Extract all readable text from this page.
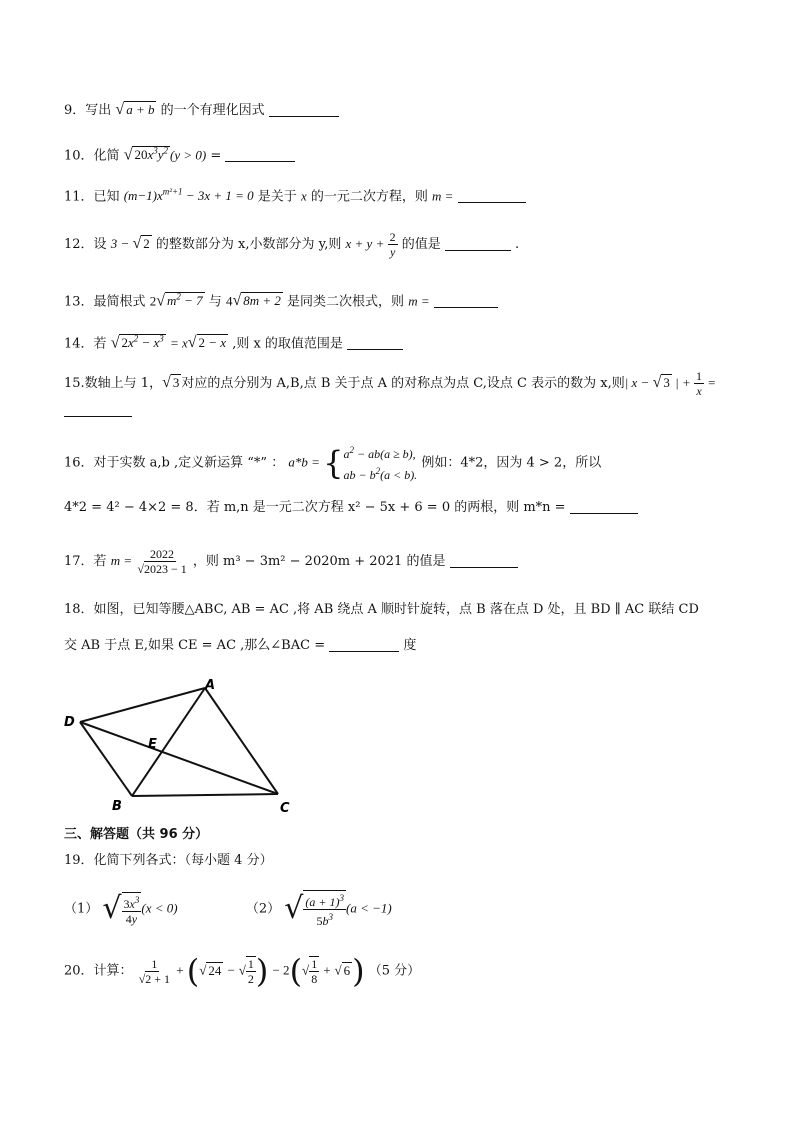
9．写出 √ a + b 的一个有理化因式
10．化简 √ $20x^3y^2$ (y > 0) =
11．已知 $(m-1)x^{m^2+1} - 3x + 1 = 0$ 是关于 x 的一元二次方程，则 m =
12．设 3 − √ 2 的整数部分为 x,小数部分为 y,则 $x + y + \frac{2}{y}$ 的值是	.
13．最简根式 2√ $m^2 - 7$ 与 4√ 8m + 2 是同类二次根式，则 m =
14．若 √ $2x^2 - x^3 = x√$ 2 − x ,则 x 的取值范围是
15.数轴上与 1，√ 3 对应的点分别为 A,B,点 B 关于点 A 的对称点为点 C,设点 C 表示的数为 x,则| x − √ 3 | + $\frac{1}{x}$ =
16．对于实数 a,b ,定义新运算 “*” ： a*b = { $a^2 - ab(a \ge b)$,
ab − $b^2(a < b)$.
例如：4*2，因为 4 > 2，所以
4*2 = 4² − 4×2 = 8．若 m,n 是一元二次方程 x² − 5x + 6 = 0 的两根，则 m*n =
17．若 $m = \frac{2022}{√2023 - 1}$ ，则 m³ − 3m² − 2020m + 2021 的值是
18．如图，已知等腰△ABC, AB = AC ,将 AB 绕点 A 顺时针旋转，点 B 落在点 D 处，且 BD ∥ AC 联结 CD
交 AB 于点 E,如果 CE = AC ,那么∠BAC =	度
D
A
B	C
E
三、解答题（共 96 分）
19．化简下列各式：（每小题 4 分）
（1） √ $\frac{3x^3}{4y} (x < 0)$	（2） √ $\frac{(a + 1)^3}{5b^3} (a < -1)$
20．计算： $\frac{1}{√2 + 1}$ + (√ 24 − √ $\frac{1}{2}$ ) − $2(√ \frac{1}{8}$ + √ 6) （5 分）
